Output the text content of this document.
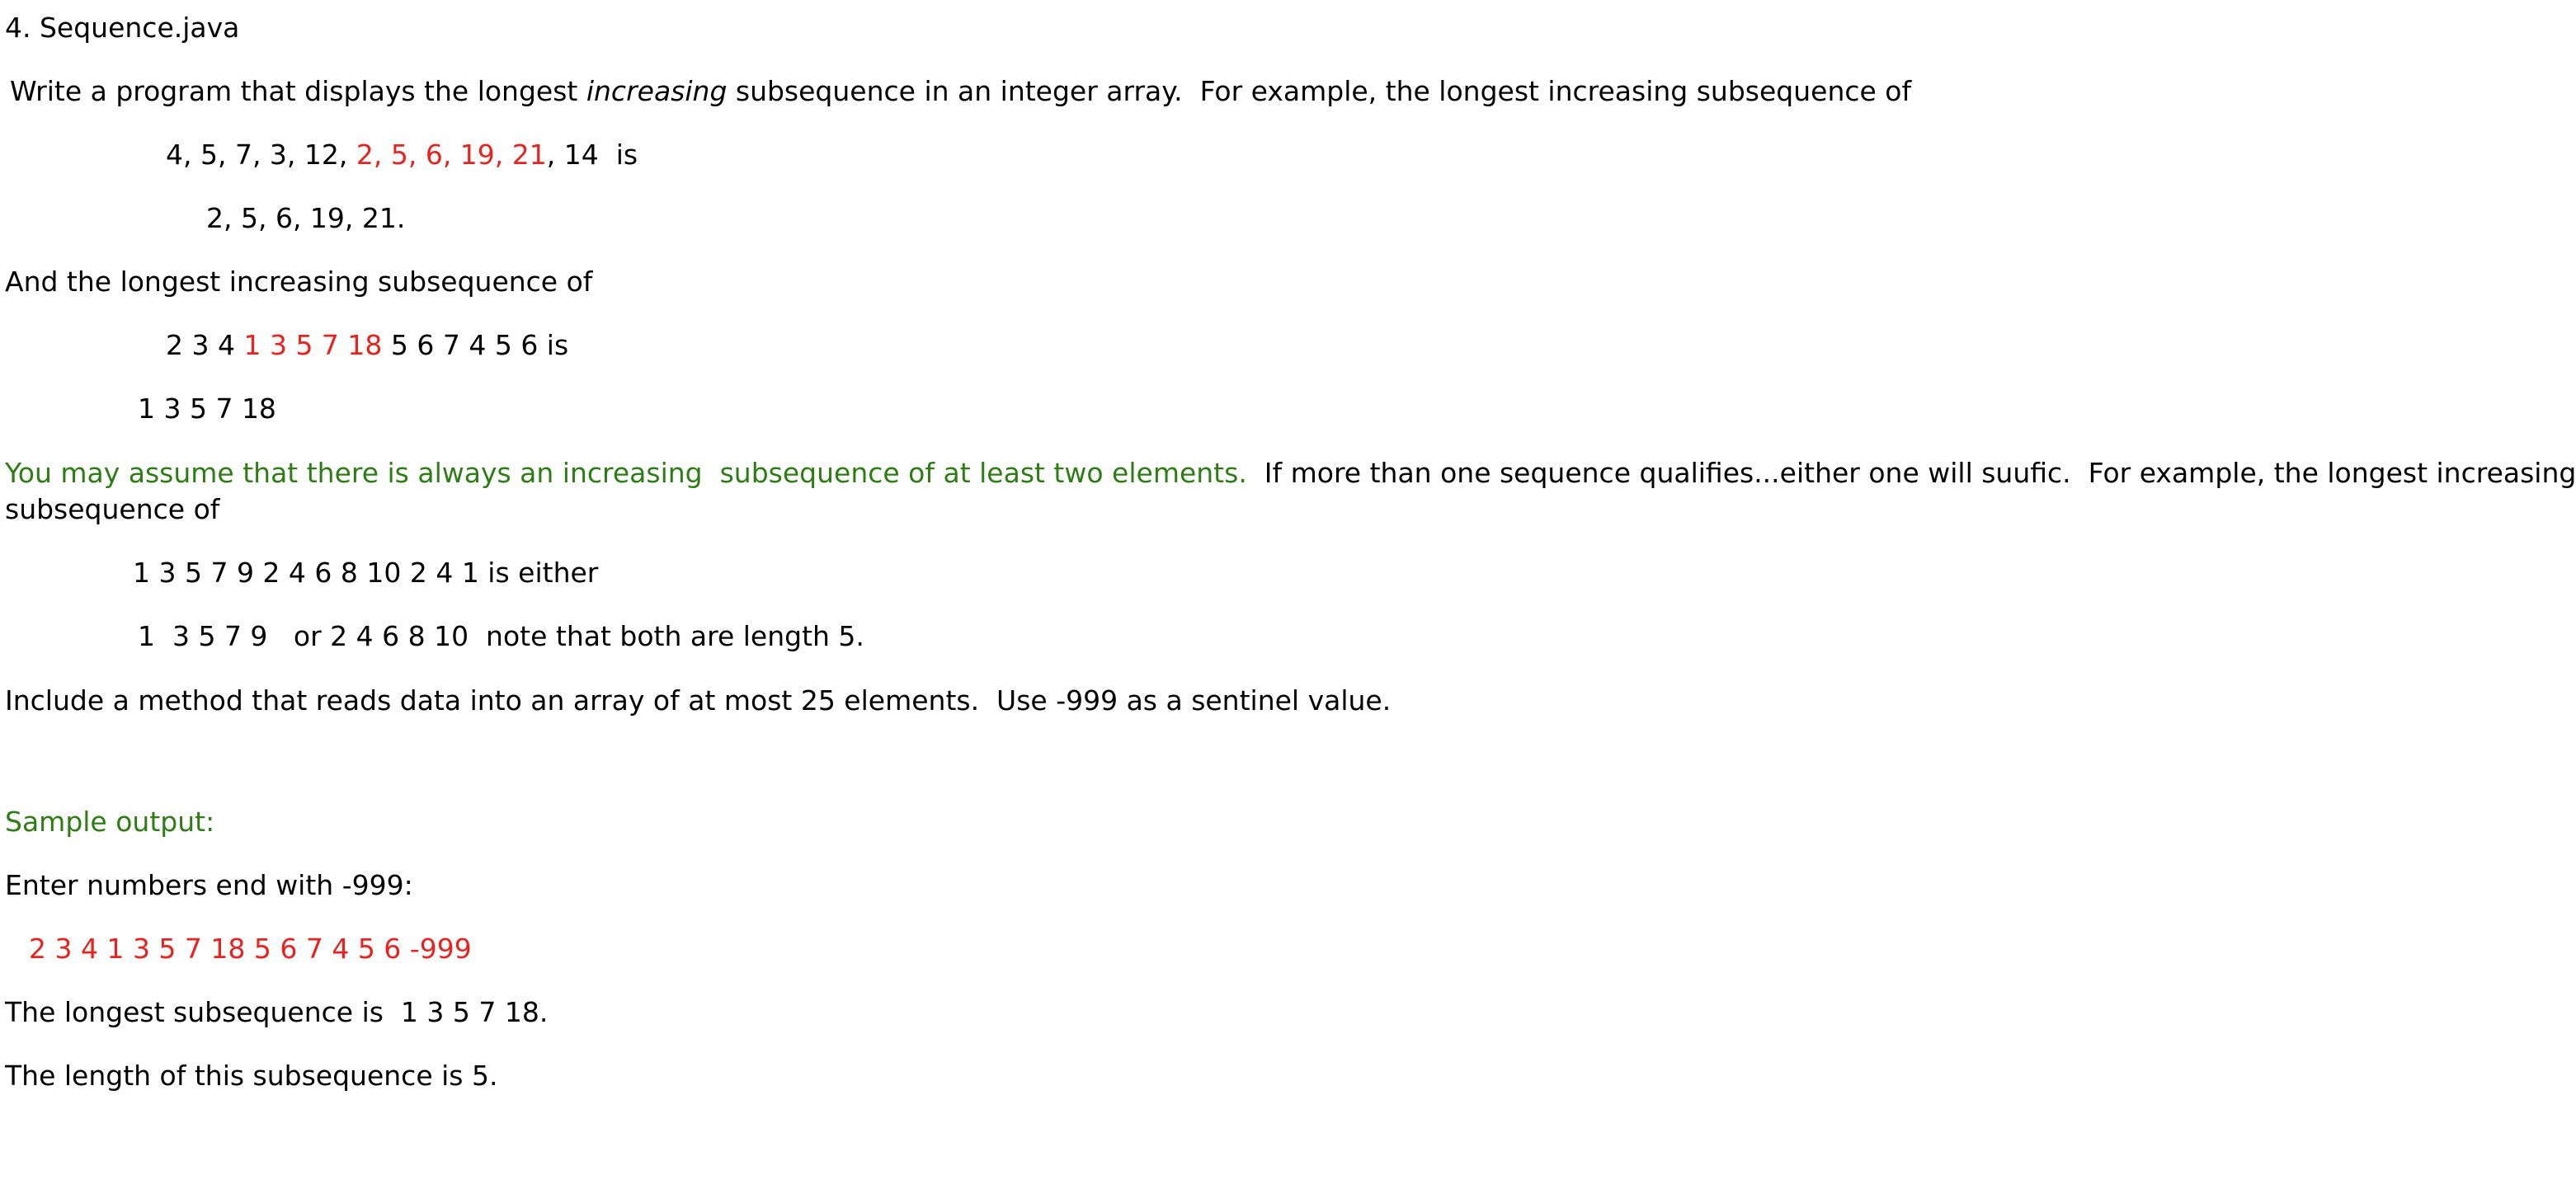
4. Sequence.java
Write a program that displays the longest increasing subsequence in an integer array.  For example, the longest increasing subsequence of
4, 5, 7, 3, 12, 2, 5, 6, 19, 21, 14  is
2, 5, 6, 19, 21.
And the longest increasing subsequence of
2 3 4 1 3 5 7 18 5 6 7 4 5 6 is
1 3 5 7 18
You may assume that there is always an increasing  subsequence of at least two elements.  If more than one sequence qualifies...either one will suufic.  For example, the longest increasing
subsequence of
1 3 5 7 9 2 4 6 8 10 2 4 1 is either
1  3 5 7 9   or 2 4 6 8 10  note that both are length 5.
Include a method that reads data into an array of at most 25 elements.  Use -999 as a sentinel value.
Sample output:
Enter numbers end with -999:
2 3 4 1 3 5 7 18 5 6 7 4 5 6 -999
The longest subsequence is  1 3 5 7 18.
The length of this subsequence is 5.
